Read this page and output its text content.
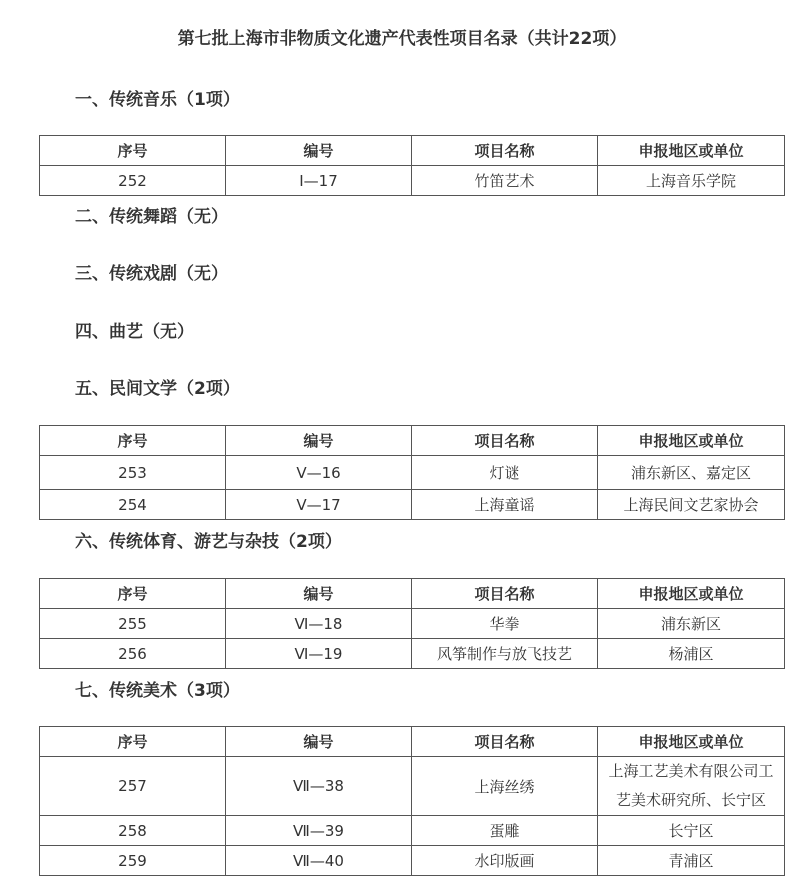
第七批上海市非物质文化遗产代表性项目名录（共计22项）
一、传统音乐（1项）
序号	编号	项目名称	申报地区或单位
252	Ⅰ—17	竹笛艺术	上海音乐学院
二、传统舞蹈（无）
三、传统戏剧（无）
四、曲艺（无）
五、民间文学（2项）
序号	编号	项目名称	申报地区或单位
253	Ⅴ—16	灯谜	浦东新区、嘉定区
254	Ⅴ—17	上海童谣	上海民间文艺家协会
六、传统体育、游艺与杂技（2项）
序号	编号	项目名称	申报地区或单位
255	Ⅵ—18	华拳	浦东新区
256	Ⅵ—19	风筝制作与放飞技艺	杨浦区
七、传统美术（3项）
序号	编号	项目名称	申报地区或单位
257	Ⅶ—38	上海丝绣	上海工艺美术有限公司工艺美术研究所、长宁区
258	Ⅶ—39	蛋雕	长宁区
259	Ⅶ—40	水印版画	青浦区
